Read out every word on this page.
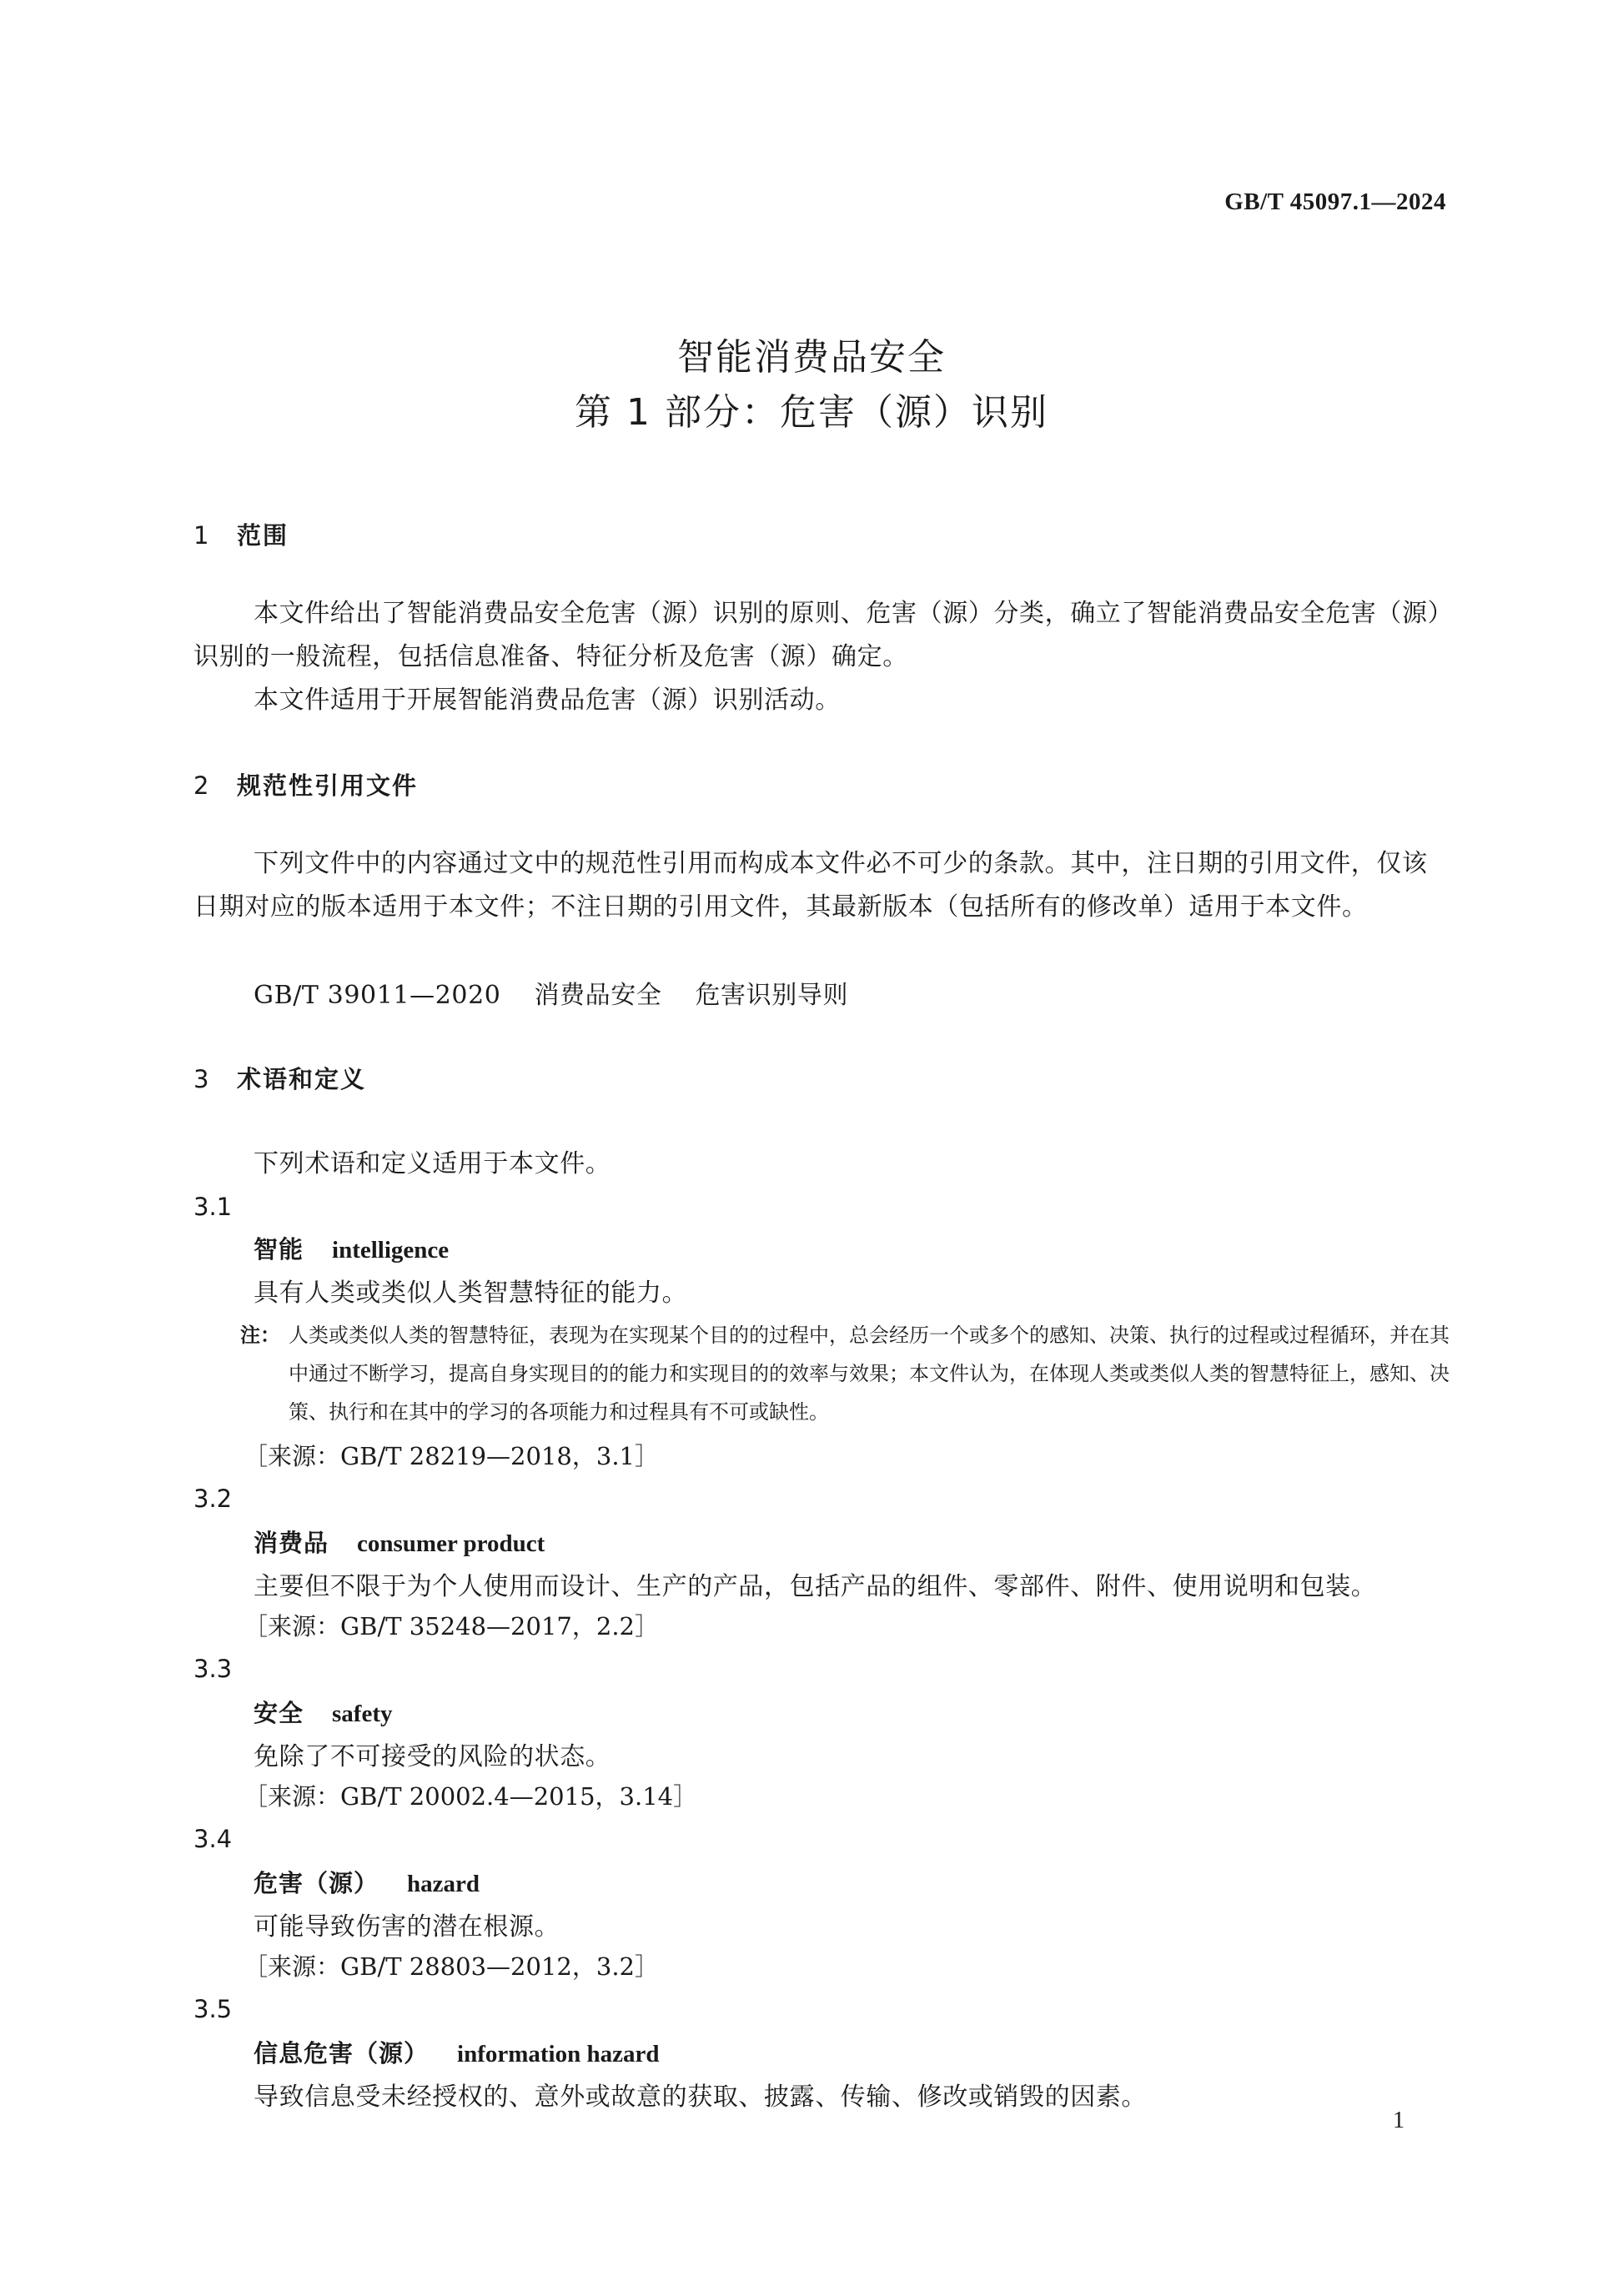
GB/T 45097.1—2024
智能消费品安全
第 1 部分：危害（源）识别
1 范围
本文件给出了智能消费品安全危害（源）识别的原则、危害（源）分类，确立了智能消费品安全危害（源）识别的一般流程，包括信息准备、特征分析及危害（源）确定。
本文件适用于开展智能消费品危害（源）识别活动。
2 规范性引用文件
下列文件中的内容通过文中的规范性引用而构成本文件必不可少的条款。其中，注日期的引用文件，仅该日期对应的版本适用于本文件；不注日期的引用文件，其最新版本（包括所有的修改单）适用于本文件。
GB/T 39011—2020 消费品安全 危害识别导则
3 术语和定义
下列术语和定义适用于本文件。
3.1
智能 intelligence
具有人类或类似人类智慧特征的能力。
注： 人类或类似人类的智慧特征，表现为在实现某个目的的过程中，总会经历一个或多个的感知、决策、执行的过程或过程循环，并在其中通过不断学习，提高自身实现目的的能力和实现目的的效率与效果；本文件认为，在体现人类或类似人类的智慧特征上，感知、决策、执行和在其中的学习的各项能力和过程具有不可或缺性。
［来源：GB/T 28219—2018，3.1］
3.2
消费品 consumer product
主要但不限于为个人使用而设计、生产的产品，包括产品的组件、零部件、附件、使用说明和包装。
［来源：GB/T 35248—2017，2.2］
3.3
安全 safety
免除了不可接受的风险的状态。
［来源：GB/T 20002.4—2015，3.14］
3.4
危害（源） hazard
可能导致伤害的潜在根源。
［来源：GB/T 28803—2012，3.2］
3.5
信息危害（源） information hazard
导致信息受未经授权的、意外或故意的获取、披露、传输、修改或销毁的因素。
1
